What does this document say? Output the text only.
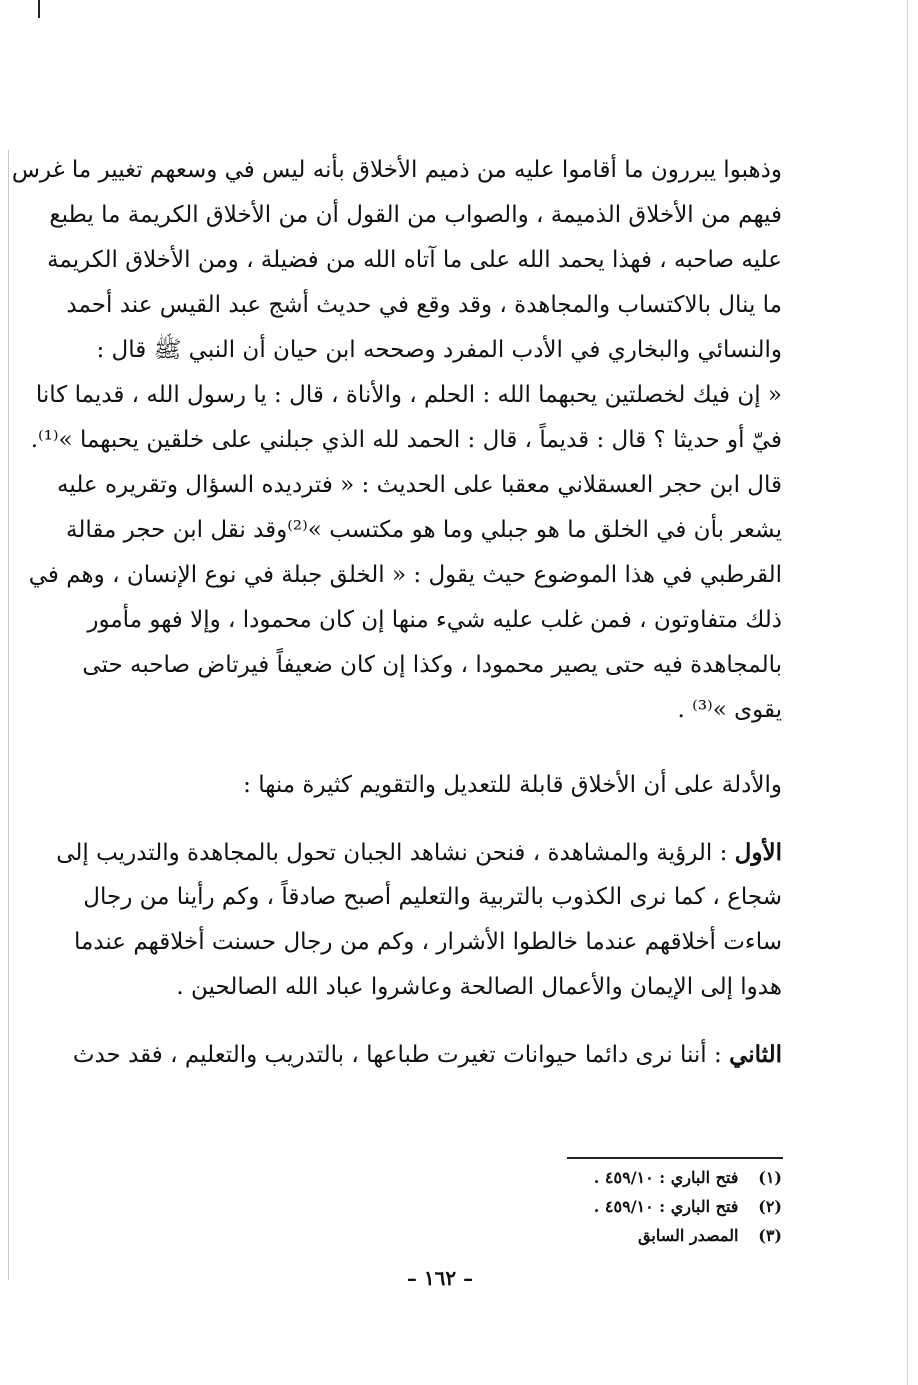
وذهبوا يبررون ما أقاموا عليه من ذميم الأخلاق بأنه ليس في وسعهم تغيير ما غرس
فيهم من الأخلاق الذميمة ، والصواب من القول أن من الأخلاق الكريمة ما يطبع
عليه صاحبه ، فهذا يحمد الله على ما آتاه الله من فضيلة ، ومن الأخلاق الكريمة
ما ينال بالاكتساب والمجاهدة ، وقد وقع في حديث أشج عبد القيس عند أحمد
والنسائي والبخاري في الأدب المفرد وصححه ابن حيان أن النبي ﷺ قال :
« إن فيك لخصلتين يحبهما الله : الحلم ، والأناة ، قال : يا رسول الله ، قديما كانا
فيّ أو حديثا ؟ قال : قديماً ، قال : الحمد لله الذي جبلني على خلقين يحبهما »⁽¹⁾.
قال ابن حجر العسقلاني معقبا على الحديث : « فترديده السؤال وتقريره عليه
يشعر بأن في الخلق ما هو جبلي وما هو مكتسب »⁽²⁾وقد نقل ابن حجر مقالة
القرطبي في هذا الموضوع حيث يقول : « الخلق جبلة في نوع الإنسان ، وهم في
ذلك متفاوتون ، فمن غلب عليه شيء منها إن كان محمودا ، وإلا فهو مأمور
بالمجاهدة فيه حتى يصير محمودا ، وكذا إن كان ضعيفاً فيرتاض صاحبه حتى
يقوى »⁽³⁾ .
والأدلة على أن الأخلاق قابلة للتعديل والتقويم كثيرة منها :
الأول : الرؤية والمشاهدة ، فنحن نشاهد الجبان تحول بالمجاهدة والتدريب إلى
شجاع ، كما نرى الكذوب بالتربية والتعليم أصبح صادقاً ، وكم رأينا من رجال
ساءت أخلاقهم عندما خالطوا الأشرار ، وكم من رجال حسنت أخلاقهم عندما
هدوا إلى الإيمان والأعمال الصالحة وعاشروا عباد الله الصالحين .
الثاني : أننا نرى دائما حيوانات تغيرت طباعها ، بالتدريب والتعليم ، فقد حدث
(١) فتح الباري : ٤٥٩/١٠ .
(٢) فتح الباري : ٤٥٩/١٠ .
(٣) المصدر السابق
– ١٦٢ –
